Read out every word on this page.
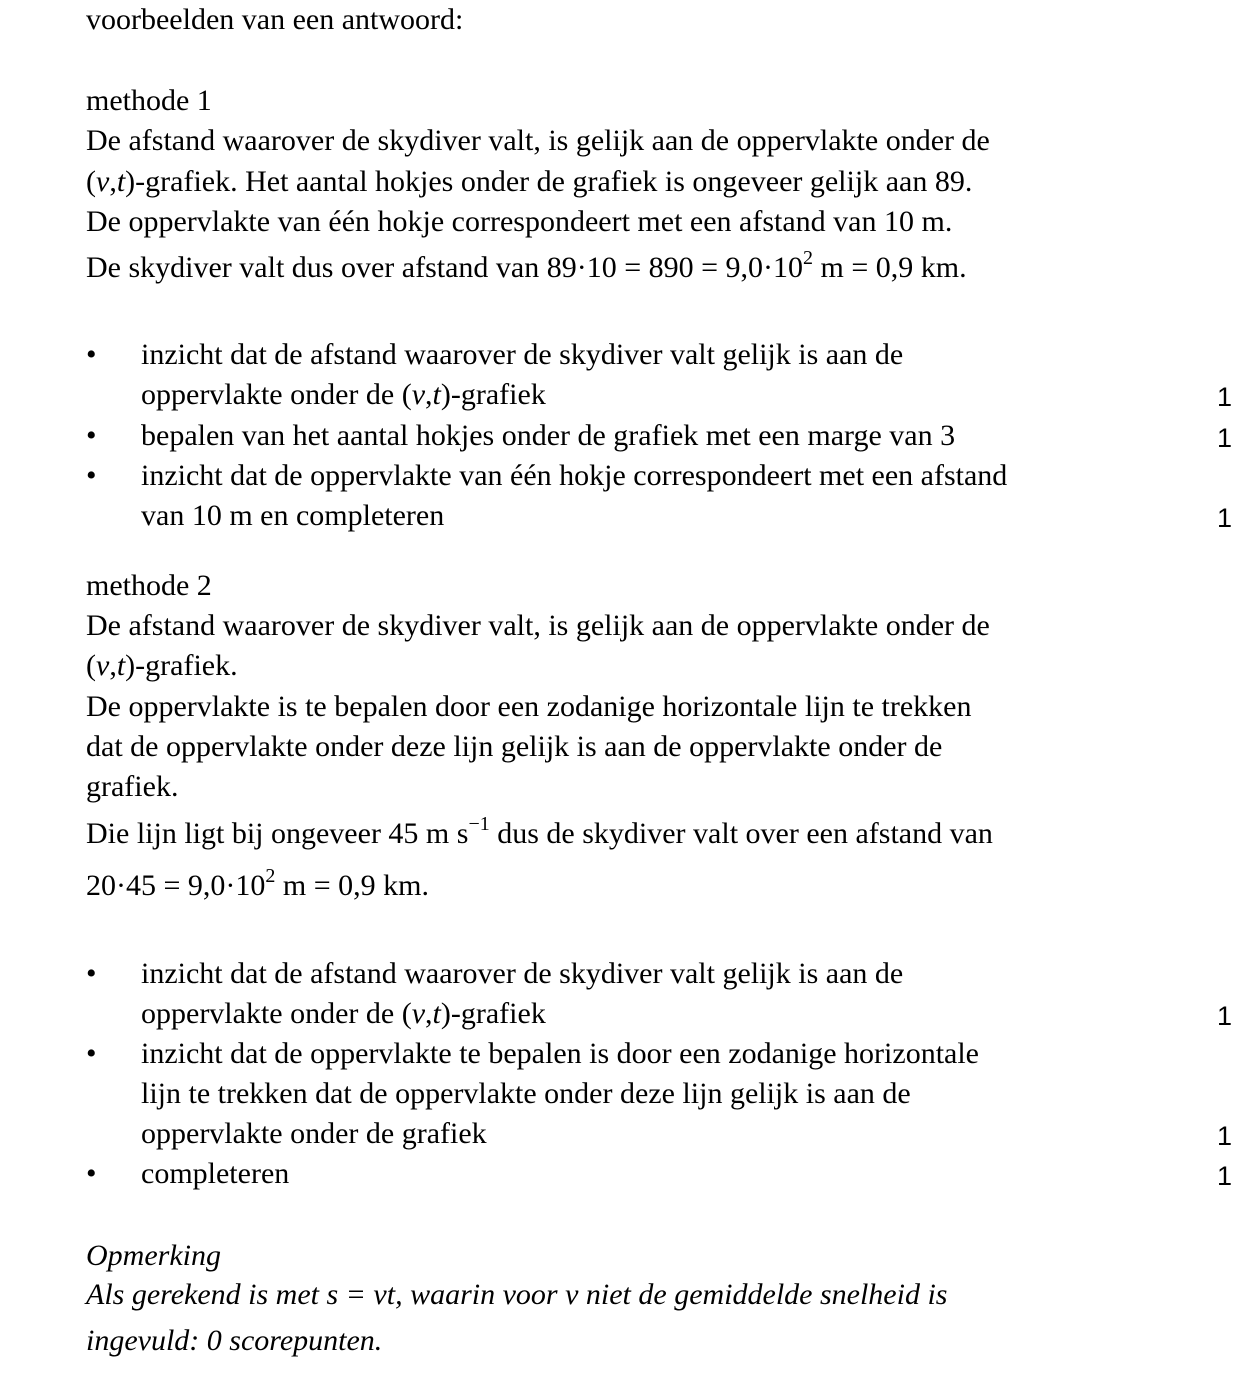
voorbeelden van een antwoord:
methode 1
De afstand waarover de skydiver valt, is gelijk aan de oppervlakte onder de
(v,t)-grafiek. Het aantal hokjes onder de grafiek is ongeveer gelijk aan 89.
De oppervlakte van één hokje correspondeert met een afstand van 10 m.
De skydiver valt dus over afstand van $89\cdot 10 = 890 = 9,0\cdot 10^2$ m = 0,9 km.
• inzicht dat de afstand waarover de skydiver valt gelijk is aan de
oppervlakte onder de (v,t)-grafiek	1
• bepalen van het aantal hokjes onder de grafiek met een marge van 3	1
• inzicht dat de oppervlakte van één hokje correspondeert met een afstand
van 10 m en completeren	1
methode 2
De afstand waarover de skydiver valt, is gelijk aan de oppervlakte onder de
(v,t)-grafiek.
De oppervlakte is te bepalen door een zodanige horizontale lijn te trekken
dat de oppervlakte onder deze lijn gelijk is aan de oppervlakte onder de
grafiek.
Die lijn ligt bij ongeveer 45 m $s^{-1}$ dus de skydiver valt over een afstand van
$20\cdot 45 = 9,0\cdot 10^2$ m = 0,9 km.
• inzicht dat de afstand waarover de skydiver valt gelijk is aan de
oppervlakte onder de (v,t)-grafiek	1
• inzicht dat de oppervlakte te bepalen is door een zodanige horizontale
lijn te trekken dat de oppervlakte onder deze lijn gelijk is aan de
oppervlakte onder de grafiek	1
• completeren	1
Opmerking
Als gerekend is met s = vt, waarin voor v niet de gemiddelde snelheid is
ingevuld: 0 scorepunten.
